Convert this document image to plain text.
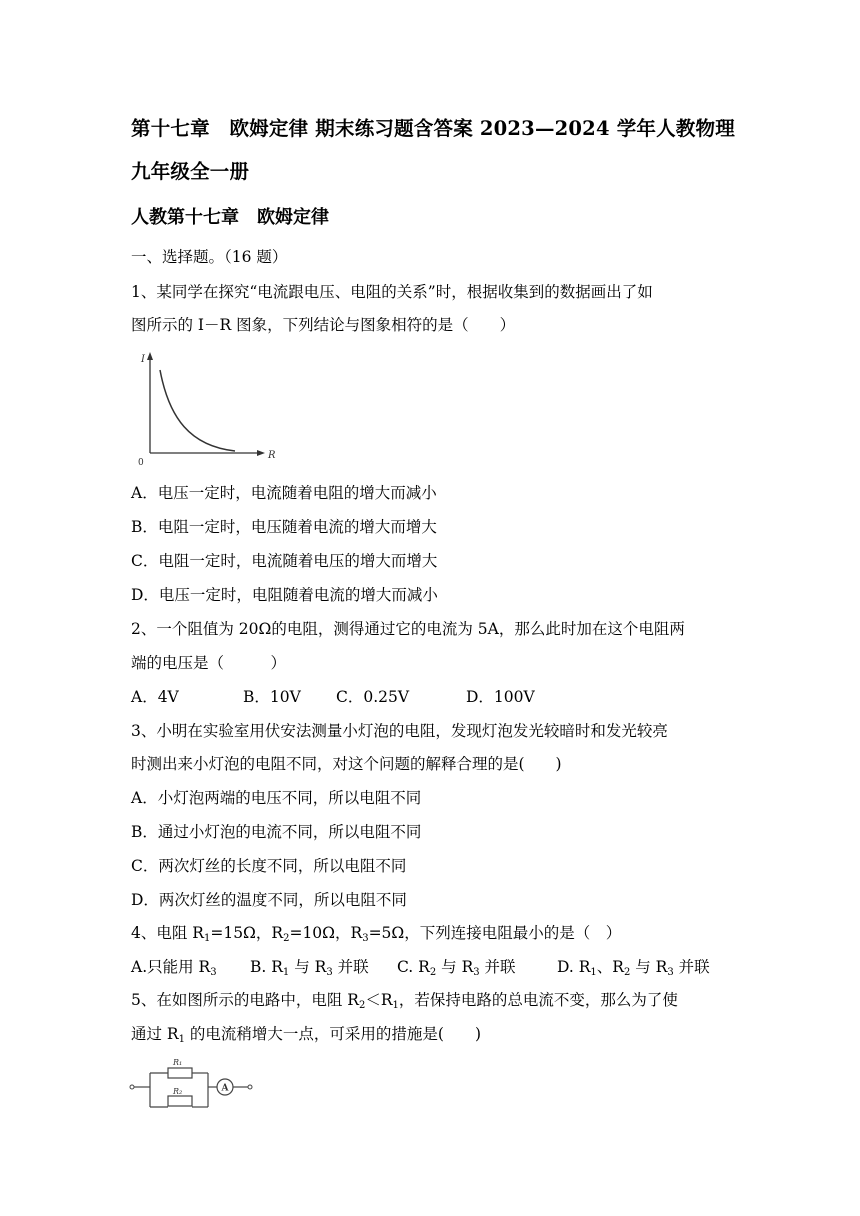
第十七章　欧姆定律 期末练习题含答案 2023—2024 学年人教物理
九年级全一册
人教第十七章　欧姆定律
一、选择题。（16 题）
1、某同学在探究“电流跟电压、电阻的关系”时，根据收集到的数据画出了如
图所示的 I－R 图象，下列结论与图象相符的是（　　）
I
R
0
A．电压一定时，电流随着电阻的增大而减小
B．电阻一定时，电压随着电流的增大而增大
C．电阻一定时，电流随着电压的增大而增大
D．电压一定时，电阻随着电流的增大而减小
2、一个阻值为 20Ω的电阻，测得通过它的电流为 5A，那么此时加在这个电阻两
端的电压是（　　　）
A．4V	B．10V C．0.25V	D．100V
3、小明在实验室用伏安法测量小灯泡的电阻，发现灯泡发光较暗时和发光较亮
时测出来小灯泡的电阻不同，对这个问题的解释合理的是(　　)
A．小灯泡两端的电压不同，所以电阻不同
B．通过小灯泡的电流不同，所以电阻不同
C．两次灯丝的长度不同，所以电阻不同
D．两次灯丝的温度不同，所以电阻不同
4、电阻 $R_1=15\Omega$，$R_2=10\Omega$，$R_3=5\Omega$，下列连接电阻最小的是（　）
A.只能用 $R_3$ B. $R_1$ 与 $R_3$ 并联 C. $R_2$ 与 $R_3$ 并联	D. $R_1$、$R_2$ 与 $R_3$ 并联
5、在如图所示的电路中，电阻 $R_2<R_1$，若保持电路的总电流不变，那么为了使
通过 $R_1$ 的电流稍增大一点，可采用的措施是(　　)
R₁
R₂	A
